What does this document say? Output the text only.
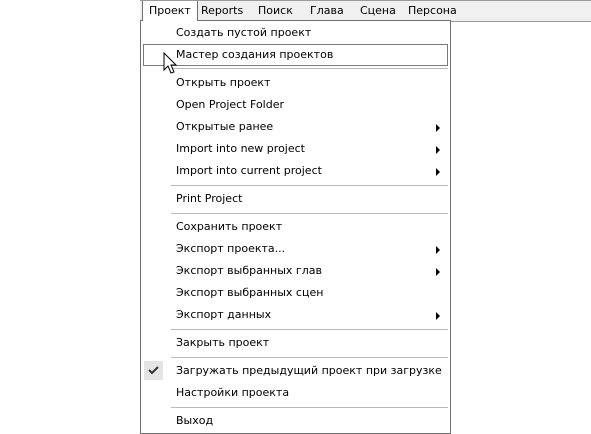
Проект Reports	Поиск	Глава	Сцена	Персона
Создать пустой проект
Мастер создания проектов
Открыть проект
Open Project Folder
Открытые ранее
Import into new project
Import into current project
Print Project
Сохранить проект
Экспорт проекта...
Экспорт выбранных глав
Экспорт выбранных сцен
Экспорт данных
Закрыть проект
Загружать предыдущий проект при загрузке
Настройки проекта
Выход
